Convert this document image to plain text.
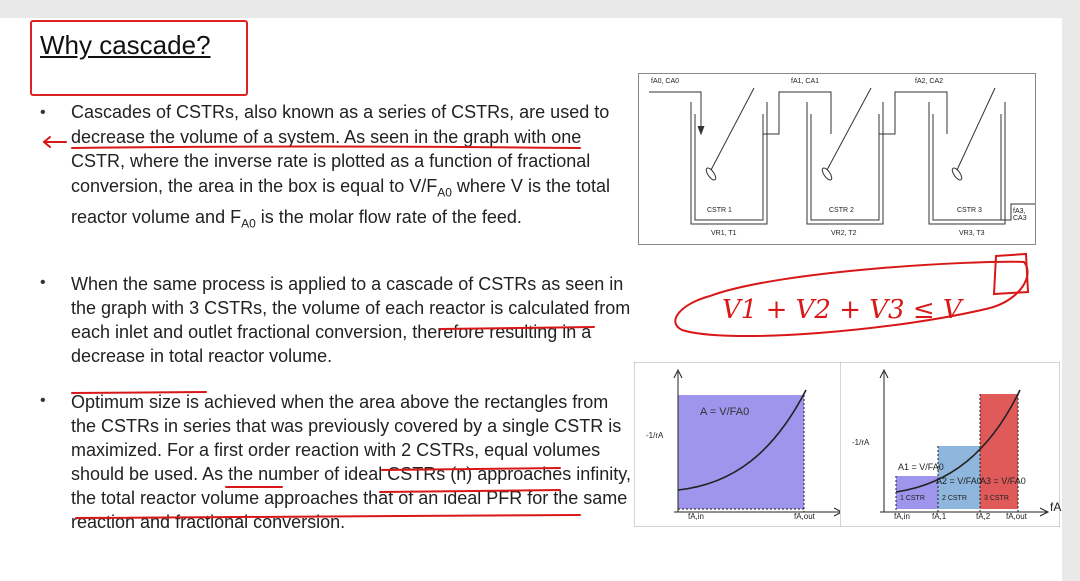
Why cascade?
•
•
•
Cascades of CSTRs, also known as a series of CSTRs, are used to decrease the volume of a system. As seen in the graph with one CSTR, where the inverse rate is plotted as a function of fractional conversion, the area in the box is equal to $V/F_{A0}$ where V is the total reactor volume and $F_{A0}$ is the molar flow rate of the feed.
When the same process is applied to a cascade of CSTRs as seen in the graph with 3 CSTRs, the volume of each reactor is calculated from each inlet and outlet fractional conversion, therefore resulting in a decrease in total reactor volume.
Optimum size is achieved when the area above the rectangles from the CSTRs in series that was previously covered by a single CSTR is maximized. For a first order reaction with 2 CSTRs, equal volumes should be used. As the number of ideal CSTRs (n) approaches infinity, the total reactor volume approaches that of an ideal PFR for the same reaction and fractional conversion.
fA0, CA0	fA1, CA1	fA2, CA2
fA3, CA3
CSTR 1
VR1, T1
CSTR 2
VR2, T2
CSTR 3
VR3, T3
-1/rA
fA,in	fA,out
A = V/FA0
-1/rA
fA
fA,in	fA,1	fA,2 fA,out
1 CSTR 2 CSTR 3 CSTR
A1 = V/FA0
A2 = V/FA0
A3 = V/FA0
V1 + V2 + V3 ≤ V
